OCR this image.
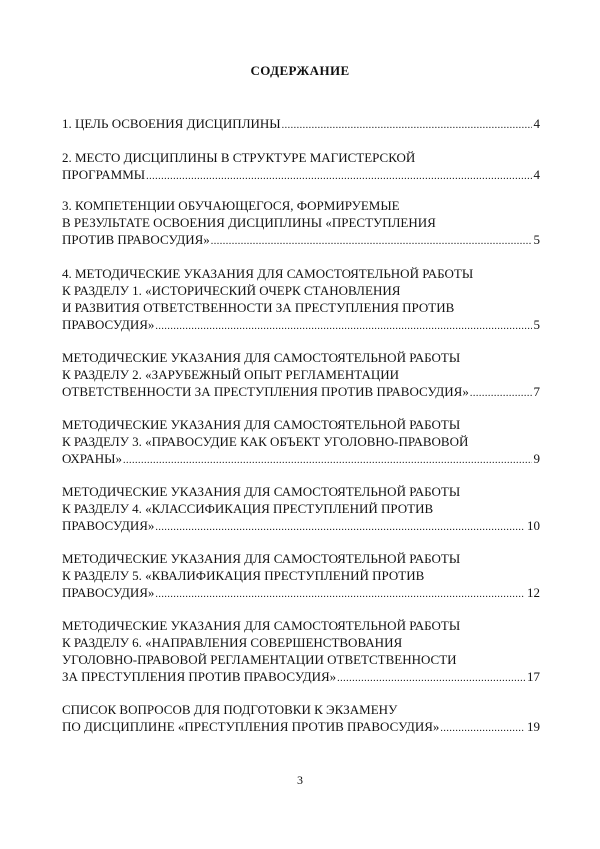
СОДЕРЖАНИЕ
1. ЦЕЛЬ ОСВОЕНИЯ ДИСЦИПЛИНЫ .....	4
2. МЕСТО ДИСЦИПЛИНЫ В СТРУКТУРЕ МАГИСТЕРСКОЙ
ПРОГРАММЫ .....	4
3. КОМПЕТЕНЦИИ ОБУЧАЮЩЕГОСЯ, ФОРМИРУЕМЫЕ
В РЕЗУЛЬТАТЕ ОСВОЕНИЯ ДИСЦИПЛИНЫ «ПРЕСТУПЛЕНИЯ
ПРОТИВ ПРАВОСУДИЯ» .....	5
4. МЕТОДИЧЕСКИЕ УКАЗАНИЯ ДЛЯ САМОСТОЯТЕЛЬНОЙ РАБОТЫ
К РАЗДЕЛУ 1. «ИСТОРИЧЕСКИЙ ОЧЕРК СТАНОВЛЕНИЯ
И РАЗВИТИЯ ОТВЕТСТВЕННОСТИ ЗА ПРЕСТУПЛЕНИЯ ПРОТИВ
ПРАВОСУДИЯ» .....	5
МЕТОДИЧЕСКИЕ УКАЗАНИЯ ДЛЯ САМОСТОЯТЕЛЬНОЙ РАБОТЫ
К РАЗДЕЛУ 2. «ЗАРУБЕЖНЫЙ ОПЫТ РЕГЛАМЕНТАЦИИ
ОТВЕТСТВЕННОСТИ ЗА ПРЕСТУПЛЕНИЯ ПРОТИВ ПРАВОСУДИЯ» .....	7
МЕТОДИЧЕСКИЕ УКАЗАНИЯ ДЛЯ САМОСТОЯТЕЛЬНОЙ РАБОТЫ
К РАЗДЕЛУ 3. «ПРАВОСУДИЕ КАК ОБЪЕКТ УГОЛОВНО-ПРАВОВОЙ
ОХРАНЫ» .....	9
МЕТОДИЧЕСКИЕ УКАЗАНИЯ ДЛЯ САМОСТОЯТЕЛЬНОЙ РАБОТЫ
К РАЗДЕЛУ 4. «КЛАССИФИКАЦИЯ ПРЕСТУПЛЕНИЙ ПРОТИВ
ПРАВОСУДИЯ» .....	10
МЕТОДИЧЕСКИЕ УКАЗАНИЯ ДЛЯ САМОСТОЯТЕЛЬНОЙ РАБОТЫ
К РАЗДЕЛУ 5. «КВАЛИФИКАЦИЯ ПРЕСТУПЛЕНИЙ ПРОТИВ
ПРАВОСУДИЯ» .....	12
МЕТОДИЧЕСКИЕ УКАЗАНИЯ ДЛЯ САМОСТОЯТЕЛЬНОЙ РАБОТЫ
К РАЗДЕЛУ 6. «НАПРАВЛЕНИЯ СОВЕРШЕНСТВОВАНИЯ
УГОЛОВНО-ПРАВОВОЙ РЕГЛАМЕНТАЦИИ ОТВЕТСТВЕННОСТИ
ЗА ПРЕСТУПЛЕНИЯ ПРОТИВ ПРАВОСУДИЯ» .....	17
СПИСОК ВОПРОСОВ ДЛЯ ПОДГОТОВКИ К ЭКЗАМЕНУ
ПО ДИСЦИПЛИНЕ «ПРЕСТУПЛЕНИЯ ПРОТИВ ПРАВОСУДИЯ» .....	19
3
